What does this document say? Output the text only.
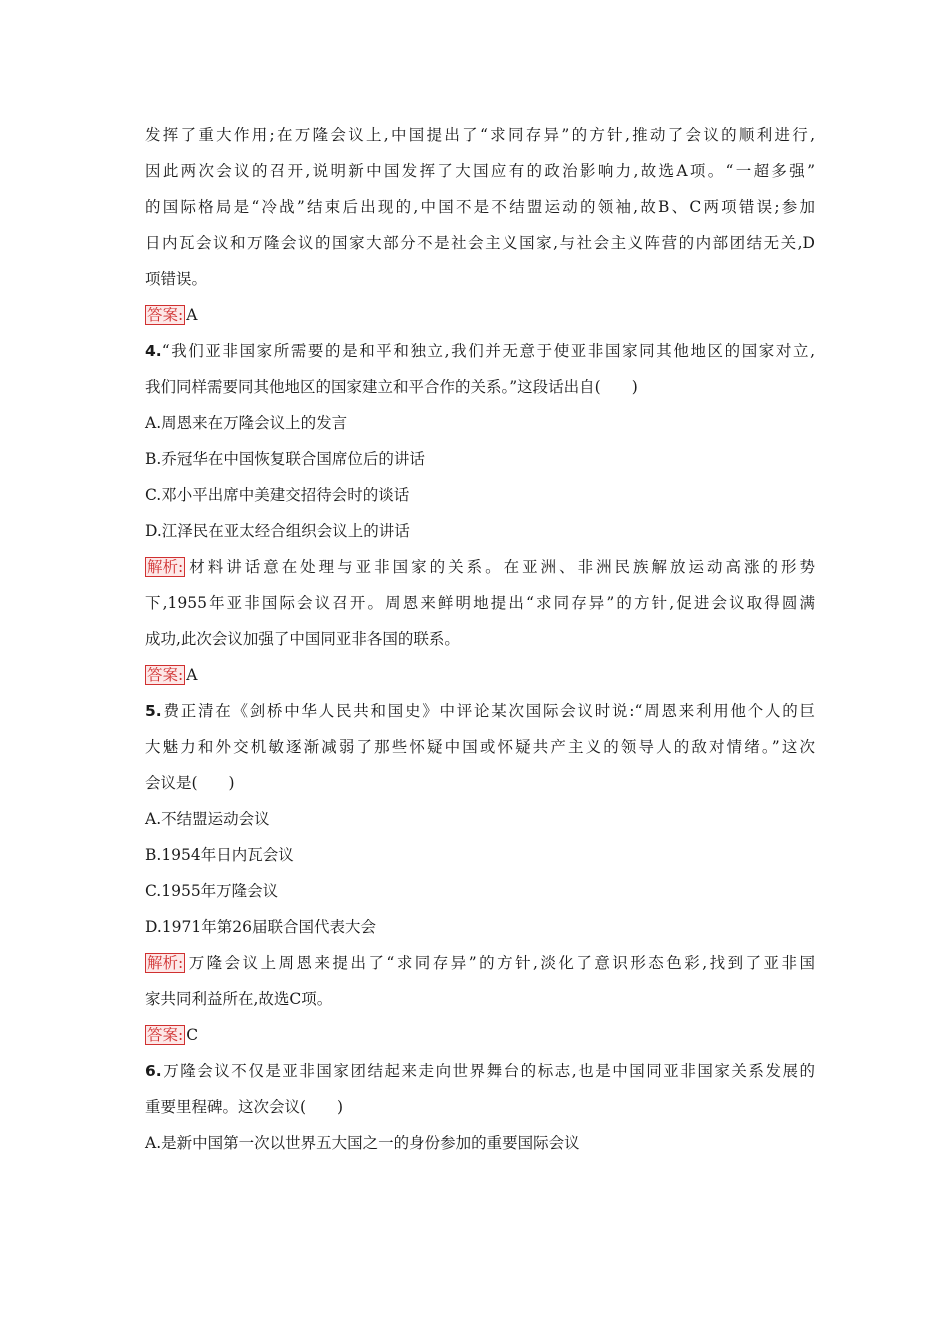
发挥了重大作用;在万隆会议上,中国提出了“求同存异”的方针,推动了会议的顺利进行,
因此两次会议的召开,说明新中国发挥了大国应有的政治影响力,故选A项。“一超多强”
的国际格局是“冷战”结束后出现的,中国不是不结盟运动的领袖,故B、C两项错误;参加
日内瓦会议和万隆会议的国家大部分不是社会主义国家,与社会主义阵营的内部团结无关,D
项错误。
答案: A
4.“我们亚非国家所需要的是和平和独立,我们并无意于使亚非国家同其他地区的国家对立,
我们同样需要同其他地区的国家建立和平合作的关系。”这段话出自(　　)
A.周恩来在万隆会议上的发言
B.乔冠华在中国恢复联合国席位后的讲话
C.邓小平出席中美建交招待会时的谈话
D.江泽民在亚太经合组织会议上的讲话
解析: 材料讲话意在处理与亚非国家的关系。在亚洲、非洲民族解放运动高涨的形势
下,1955年亚非国际会议召开。周恩来鲜明地提出“求同存异”的方针,促进会议取得圆满
成功,此次会议加强了中国同亚非各国的联系。
答案: A
5.费正清在《剑桥中华人民共和国史》中评论某次国际会议时说:“周恩来利用他个人的巨
大魅力和外交机敏逐渐减弱了那些怀疑中国或怀疑共产主义的领导人的敌对情绪。”这次
会议是(　　)
A.不结盟运动会议
B.1954年日内瓦会议
C.1955年万隆会议
D.1971年第26届联合国代表大会
解析: 万隆会议上周恩来提出了“求同存异”的方针,淡化了意识形态色彩,找到了亚非国
家共同利益所在,故选C项。
答案: C
6.万隆会议不仅是亚非国家团结起来走向世界舞台的标志,也是中国同亚非国家关系发展的
重要里程碑。这次会议(　　)
A.是新中国第一次以世界五大国之一的身份参加的重要国际会议
